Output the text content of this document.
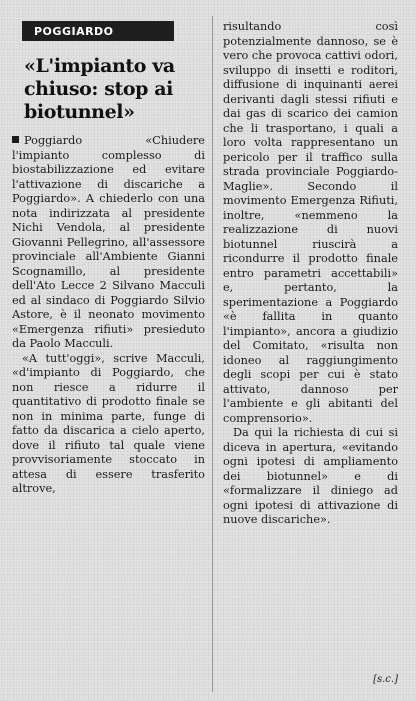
POGGIARDO
«L'impianto va chiuso: stop ai biotunnel»

Poggiardo «Chiudere l'impianto complesso di biostabilizzazione ed evitare l'attivazione di discariche a Poggiardo». A chiederlo con una nota indirizzata al presidente Nichi Vendola, al presidente Giovanni Pellegrino, all'assessore provinciale all'Ambiente Gianni Scognamillo, al presidente dell'Ato Lecce 2 Silvano Macculi ed al sindaco di Poggiardo Silvio Astore, è il neonato movimento «Emergenza rifiuti» presieduto da Paolo Macculi.

«A tutt'oggi», scrive Macculi, «d'impianto di Poggiardo, che non riesce a ridurre il quantitativo di prodotto finale se non in minima parte, funge di fatto da discarica a cielo aperto, dove il rifiuto tal quale viene provvisoriamente stoccato in attesa di essere trasferito altrove,

risultando così potenzialmente dannoso, se è vero che provoca cattivi odori, sviluppo di insetti e roditori, diffusione di inquinanti aerei derivanti dagli stessi rifiuti e dai gas di scarico dei camion che li trasportano, i quali a loro volta rappresentano un pericolo per il traffico sulla strada provinciale Poggiardo-Maglie». Secondo il movimento Emergenza Rifiuti, inoltre, «nemmeno la realizzazione di nuovi biotunnel riuscirà a ricondurre il prodotto finale entro parametri accettabili» e, pertanto, la sperimentazione a Poggiardo «è fallita in quanto l'impianto», ancora a giudizio del Comitato, «risulta non idoneo al raggiungimento degli scopi per cui è stato attivato, dannoso per l'ambiente e gli abitanti del comprensorio».

Da qui la richiesta di cui si diceva in apertura, «evitando ogni ipotesi di ampliamento dei biotunnel» e di «formalizzare il diniego ad ogni ipotesi di attivazione di nuove discariche».

[s.c.]
